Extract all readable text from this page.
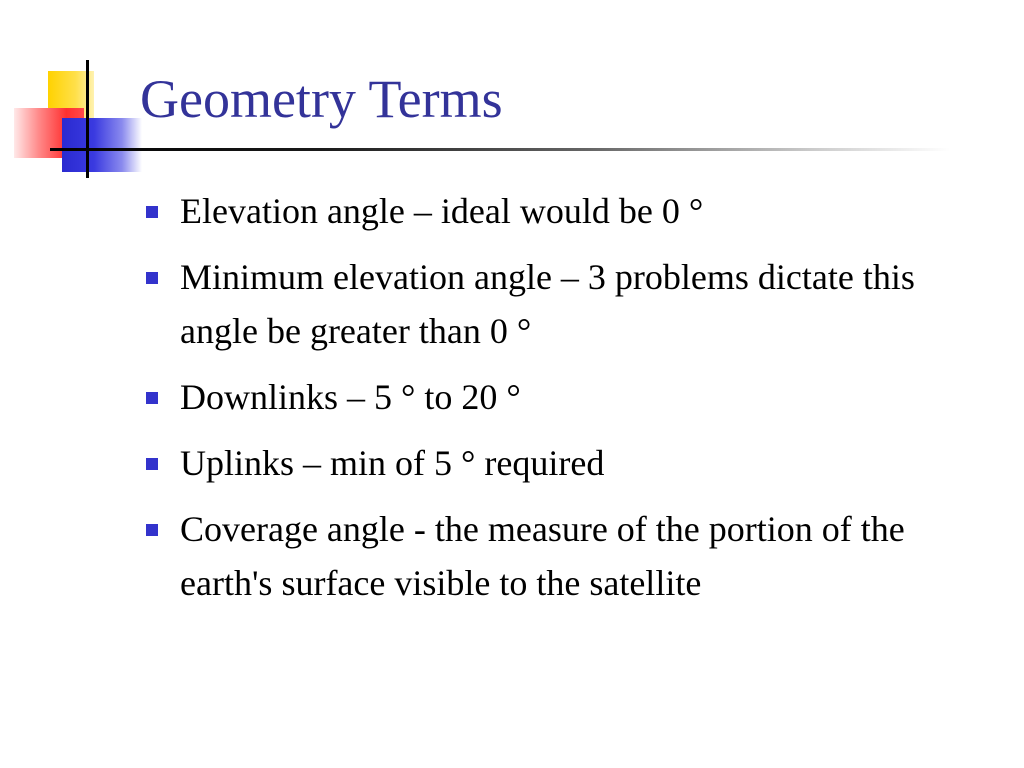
Geometry Terms
Elevation angle – ideal would be 0 °
Minimum elevation angle – 3 problems dictate this angle be greater than 0 °
Downlinks – 5 ° to 20 °
Uplinks – min of 5 ° required
Coverage angle - the measure of the portion of the earth's surface visible to the satellite
